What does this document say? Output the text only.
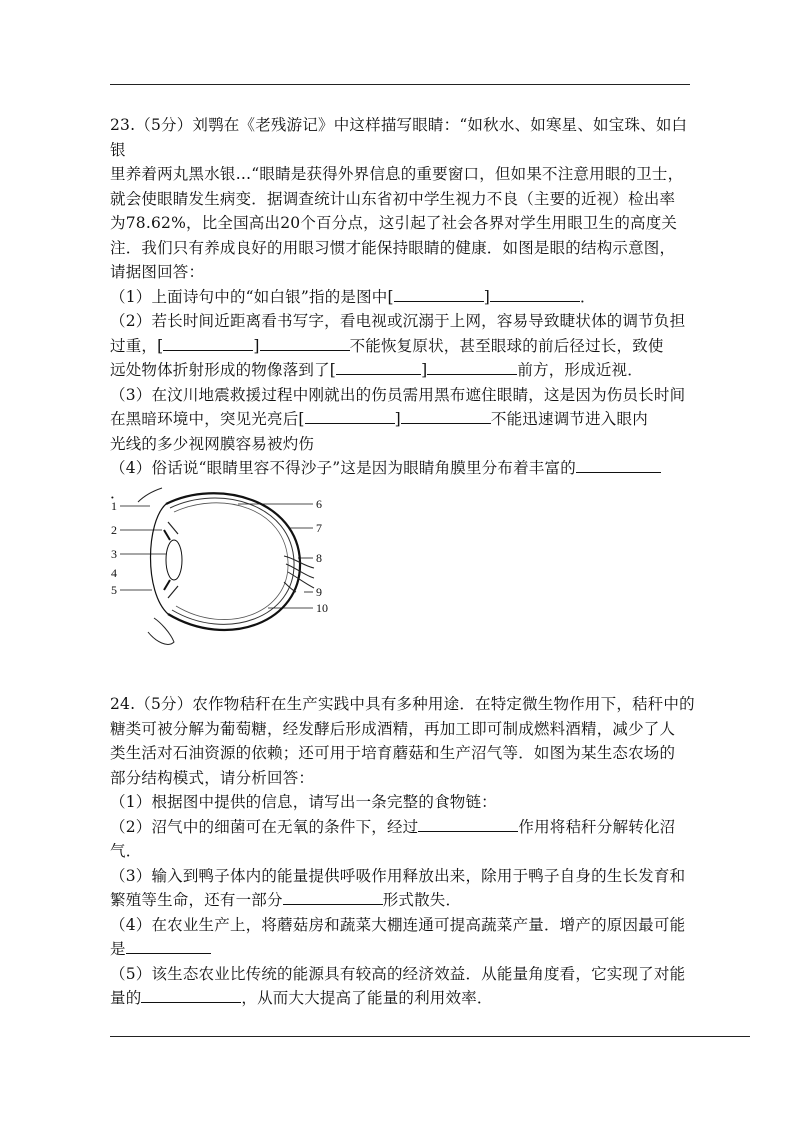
23.（5分）刘鹗在《老残游记》中这样描写眼睛：“如秋水、如寒星、如宝珠、如白银

里养着两丸黑水银…“眼睛是获得外界信息的重要窗口，但如果不注意用眼的卫士，

就会使眼睛发生病变．据调查统计山东省初中学生视力不良（主要的近视）检出率

为78.62%，比全国高出20个百分点，这引起了社会各界对学生用眼卫生的高度关

注．我们只有养成良好的用眼习惯才能保持眼睛的健康．如图是眼的结构示意图，

请据图回答：

（1）上面诗句中的“如白银”指的是图中[	]	．

（2）若长时间近距离看书写字，看电视或沉溺于上网，容易导致睫状体的调节负担

过重，[	]	不能恢复原状，甚至眼球的前后径过长，致使

远处物体折射形成的物像落到了[	]	前方，形成近视．

（3）在汶川地震救援过程中刚就出的伤员需用黑布遮住眼睛，这是因为伤员长时间

在黑暗环境中，突见光亮后[	]	不能迅速调节进入眼内

光线的多少视网膜容易被灼伤

（4）俗话说“眼睛里容不得沙子”这是因为眼睛角膜里分布着丰富的

．

1
2
3
4
5
6
7
8
9
10

24.（5分）农作物秸秆在生产实践中具有多种用途．在特定微生物作用下，秸秆中的

糖类可被分解为葡萄糖，经发酵后形成酒精，再加工即可制成燃料酒精，减少了人

类生活对石油资源的依赖；还可用于培育蘑菇和生产沼气等．如图为某生态农场的

部分结构模式，请分析回答：

（1）根据图中提供的信息，请写出一条完整的食物链：

（2）沼气中的细菌可在无氧的条件下，经过	作用将秸秆分解转化沼

气．

（3）输入到鸭子体内的能量提供呼吸作用释放出来，除用于鸭子自身的生长发育和

繁殖等生命，还有一部分	形式散失．

（4）在农业生产上，将蘑菇房和蔬菜大棚连通可提高蔬菜产量．增产的原因最可能

是

（5）该生态农业比传统的能源具有较高的经济效益．从能量角度看，它实现了对能

量的	，从而大大提高了能量的利用效率．
